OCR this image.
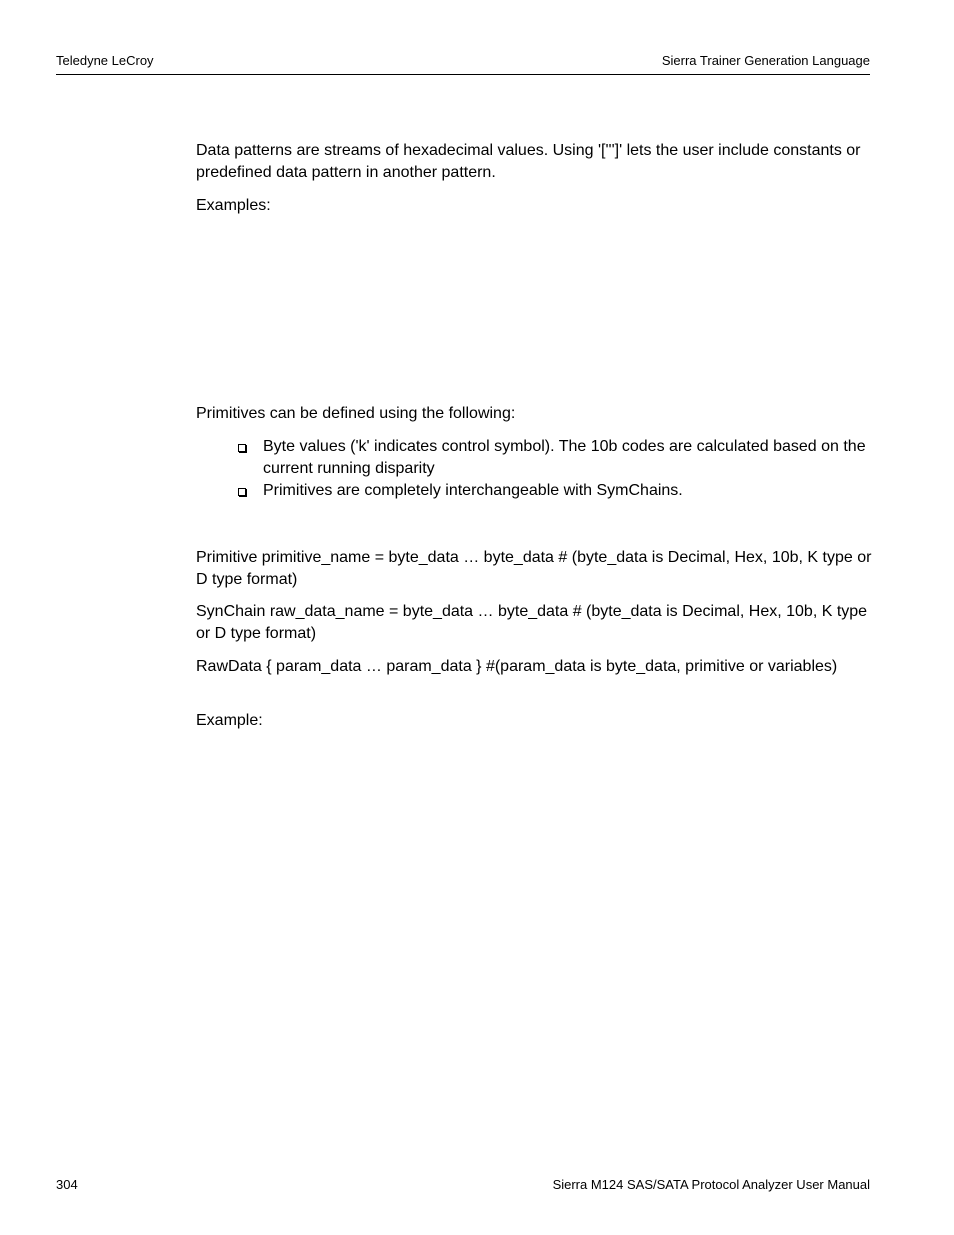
Teledyne LeCroy	Sierra Trainer Generation Language

Data patterns are streams of hexadecimal values. Using '[''']' lets the user include constants or predefined data pattern in another pattern.

Examples:

Primitives can be defined using the following:

Byte values ('k' indicates control symbol). The 10b codes are calculated based on the current running disparity
Primitives are completely interchangeable with SymChains.

Primitive primitive_name = byte_data … byte_data # (byte_data is Decimal, Hex, 10b, K type or D type format)

SynChain raw_data_name = byte_data … byte_data # (byte_data is Decimal, Hex, 10b, K type or D type format)

RawData { param_data … param_data } #(param_data is byte_data, primitive or variables)

Example:

304	Sierra M124 SAS/SATA Protocol Analyzer User Manual
